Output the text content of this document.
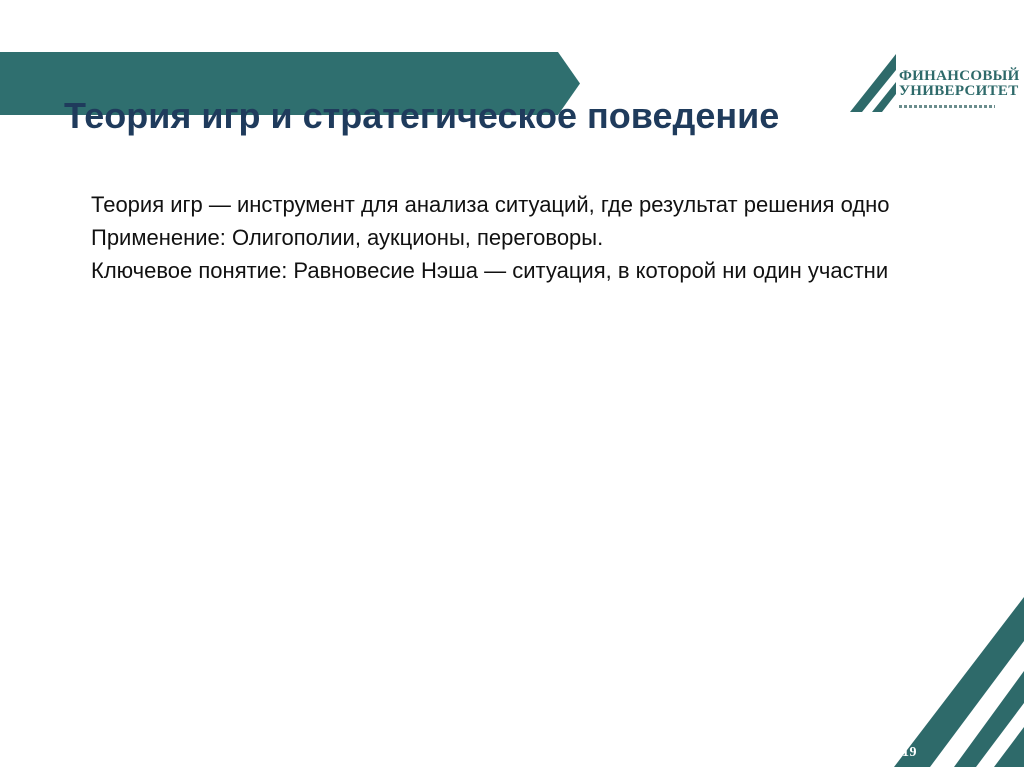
Теория игр и стратегическое поведение
ФИНАНСОВЫЙ
УНИВЕРСИТЕТ
Теория игр — инструмент для анализа ситуаций, где результат решения одно
Применение: Олигополии, аукционы, переговоры.
Ключевое понятие: Равновесие Нэша — ситуация, в которой ни один участни
1919
